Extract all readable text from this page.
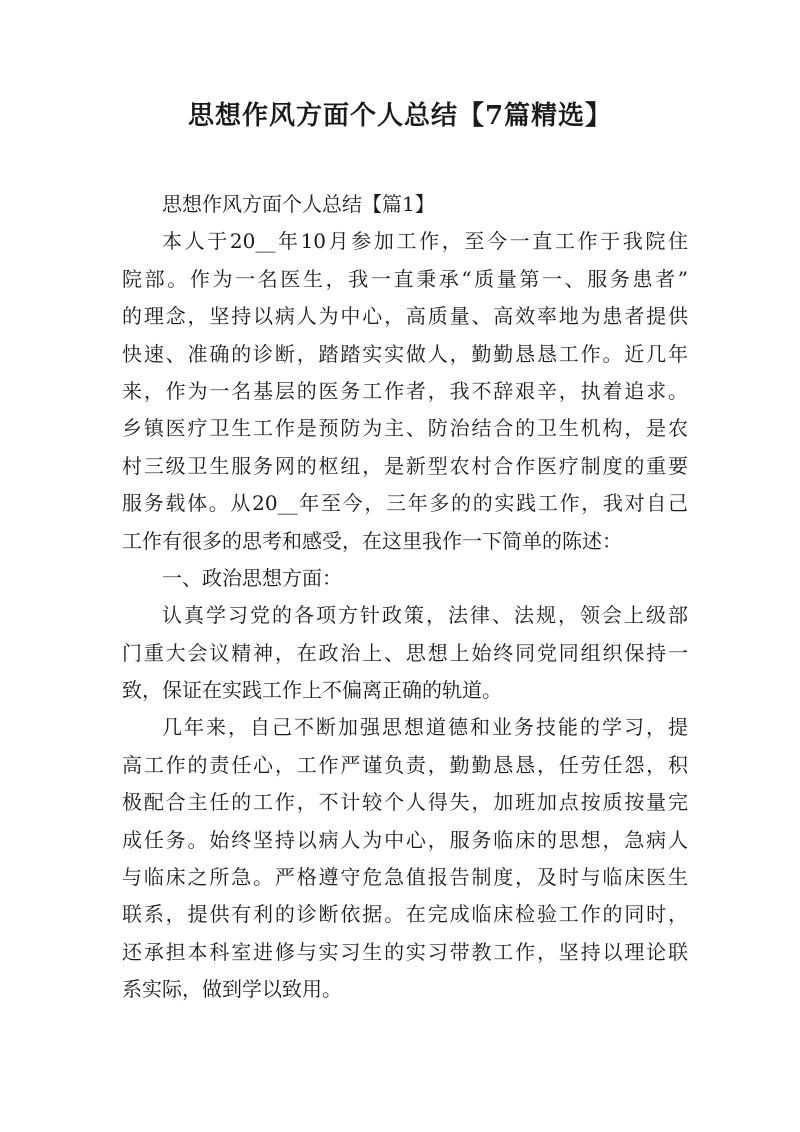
思想作风方面个人总结【7篇精选】
思想作风方面个人总结【篇1】
本人于20__年10月参加工作，至今一直工作于我院住
院部。作为一名医生，我一直秉承“质量第一、服务患者”
的理念，坚持以病人为中心，高质量、高效率地为患者提供
快速、准确的诊断，踏踏实实做人，勤勤恳恳工作。近几年
来，作为一名基层的医务工作者，我不辞艰辛，执着追求。
乡镇医疗卫生工作是预防为主、防治结合的卫生机构，是农
村三级卫生服务网的枢纽，是新型农村合作医疗制度的重要
服务载体。从20__年至今，三年多的的实践工作，我对自己
工作有很多的思考和感受，在这里我作一下简单的陈述：
一、政治思想方面：
认真学习党的各项方针政策，法律、法规，领会上级部
门重大会议精神，在政治上、思想上始终同党同组织保持一
致，保证在实践工作上不偏离正确的轨道。
几年来，自己不断加强思想道德和业务技能的学习，提
高工作的责任心，工作严谨负责，勤勤恳恳，任劳任怨，积
极配合主任的工作，不计较个人得失，加班加点按质按量完
成任务。始终坚持以病人为中心，服务临床的思想，急病人
与临床之所急。严格遵守危急值报告制度，及时与临床医生
联系，提供有利的诊断依据。在完成临床检验工作的同时，
还承担本科室进修与实习生的实习带教工作，坚持以理论联
系实际，做到学以致用。
